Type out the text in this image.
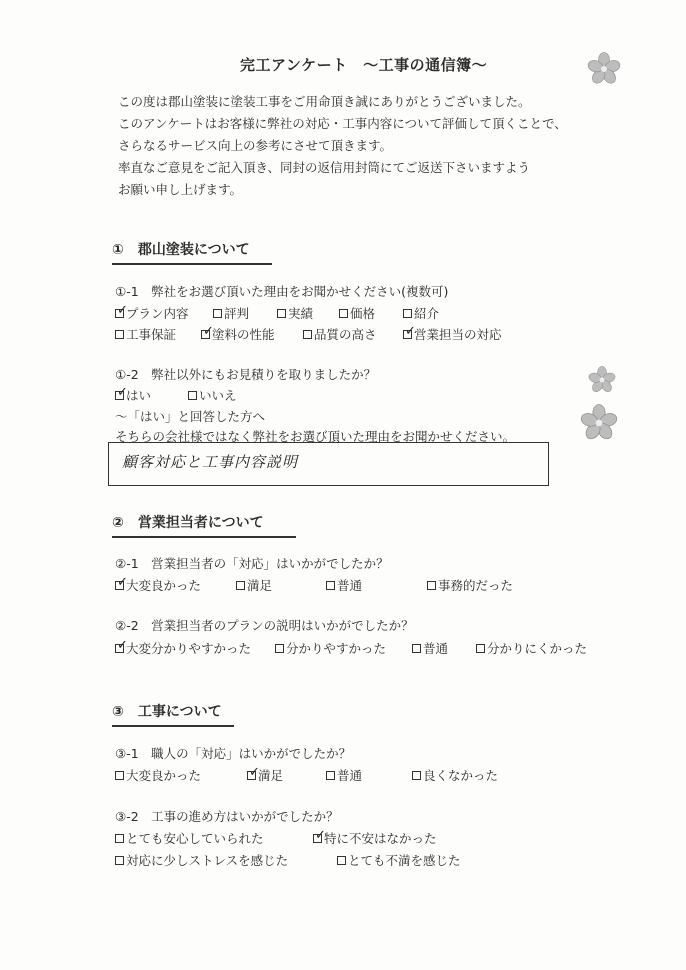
完工アンケート　～工事の通信簿～
この度は郡山塗装に塗装工事をご用命頂き誠にありがとうございました。
このアンケートはお客様に弊社の対応・工事内容について評価して頂くことで、
さらなるサービス向上の参考にさせて頂きます。
率直なご意見をご記入頂き、同封の返信用封筒にてご返送下さいますよう
お願い申し上げます。
①　郡山塗装について
①-1　弊社をお選び頂いた理由をお聞かせください(複数可)
✓
プラン内容	評判	実績	価格	紹介
工事保証 ✓
塗料の性能	品質の高さ ✓
営業担当の対応
①-2　弊社以外にもお見積りを取りましたか？
✓
はい	いいえ
～「はい」と回答した方へ
そちらの会社様ではなく弊社をお選び頂いた理由をお聞かせください。
顧客対応と工事内容説明
②　営業担当者について
②-1　営業担当者の「対応」はいかがでしたか？
✓
大変良かった	満足	普通	事務的だった
②-2　営業担当者のプランの説明はいかがでしたか？
✓
大変分かりやすかった	分かりやすかった	普通	分かりにくかった
③　工事について
③-1　職人の「対応」はいかがでしたか？
大変良かった	✓
満足	普通	良くなかった
③-2　工事の進め方はいかがでしたか？
とても安心していられた	✓
特に不安はなかった
対応に少しストレスを感じた	とても不満を感じた
